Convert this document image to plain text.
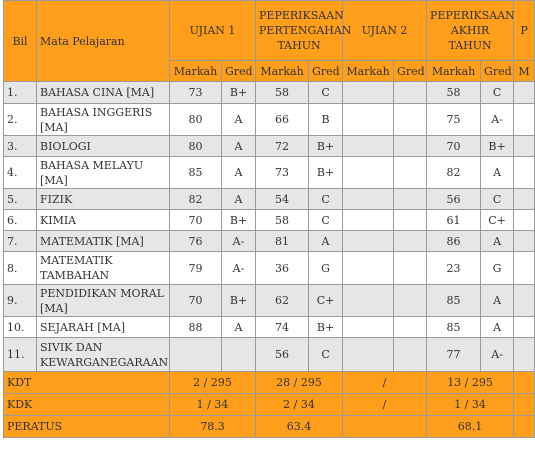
Bil	Mata Pelajaran	UJIAN 1		PEPERIKSAAN PERTENGAHAN TAHUN		UJIAN 2		PEPERIKSAAN AKHIR TAHUN		P
		Markah	Gred	Markah	Gred	Markah	Gred	Markah	Gred	M
1.	BAHASA CINA [MA]	73	B+	58	C			58	C	
2.	BAHASA INGGERIS [MA]	80	A	66	B			75	A-	
3.	BIOLOGI	80	A	72	B+			70	B+	
4.	BAHASA MELAYU [MA]	85	A	73	B+			82	A	
5.	FIZIK	82	A	54	C			56	C	
6.	KIMIA	70	B+	58	C			61	C+	
7.	MATEMATIK [MA]	76	A-	81	A			86	A	
8.	MATEMATIK TAMBAHAN	79	A-	36	G			23	G	
9.	PENDIDIKAN MORAL [MA]	70	B+	62	C+			85	A	
10.	SEJARAH [MA]	88	A	74	B+			85	A	
11.	SIVIK DAN KEWARGANEGARAAN			56	C			77	A-	
KDT		2 / 295		28 / 295		/		13 / 295		
KDK		1 / 34		2 / 34		/		1 / 34		
PERATUS		78.3		63.4				68.1		
